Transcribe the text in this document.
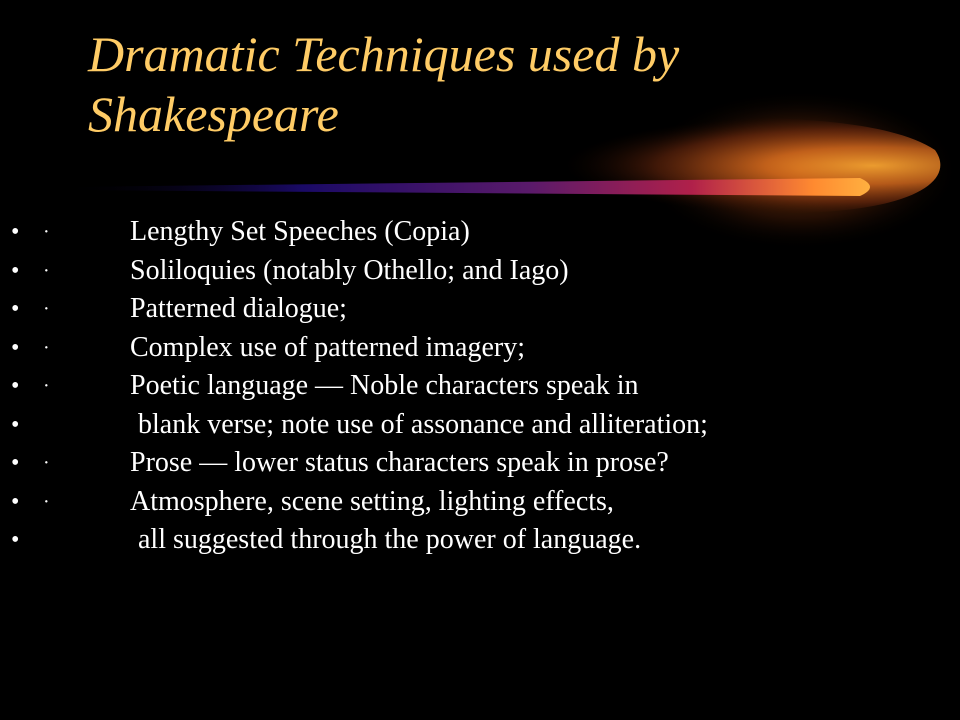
Dramatic Techniques used by
Shakespeare
• ·	Lengthy Set Speeches (Copia)
• ·	Soliloquies (notably Othello; and Iago)
• ·	Patterned dialogue;
• ·	Complex use of patterned imagery;
• ·	Poetic language — Noble characters speak in
•	blank verse; note use of assonance and alliteration;
• ·	Prose — lower status characters speak in prose?
• ·	Atmosphere, scene setting, lighting effects,
•	all suggested through the power of language.
